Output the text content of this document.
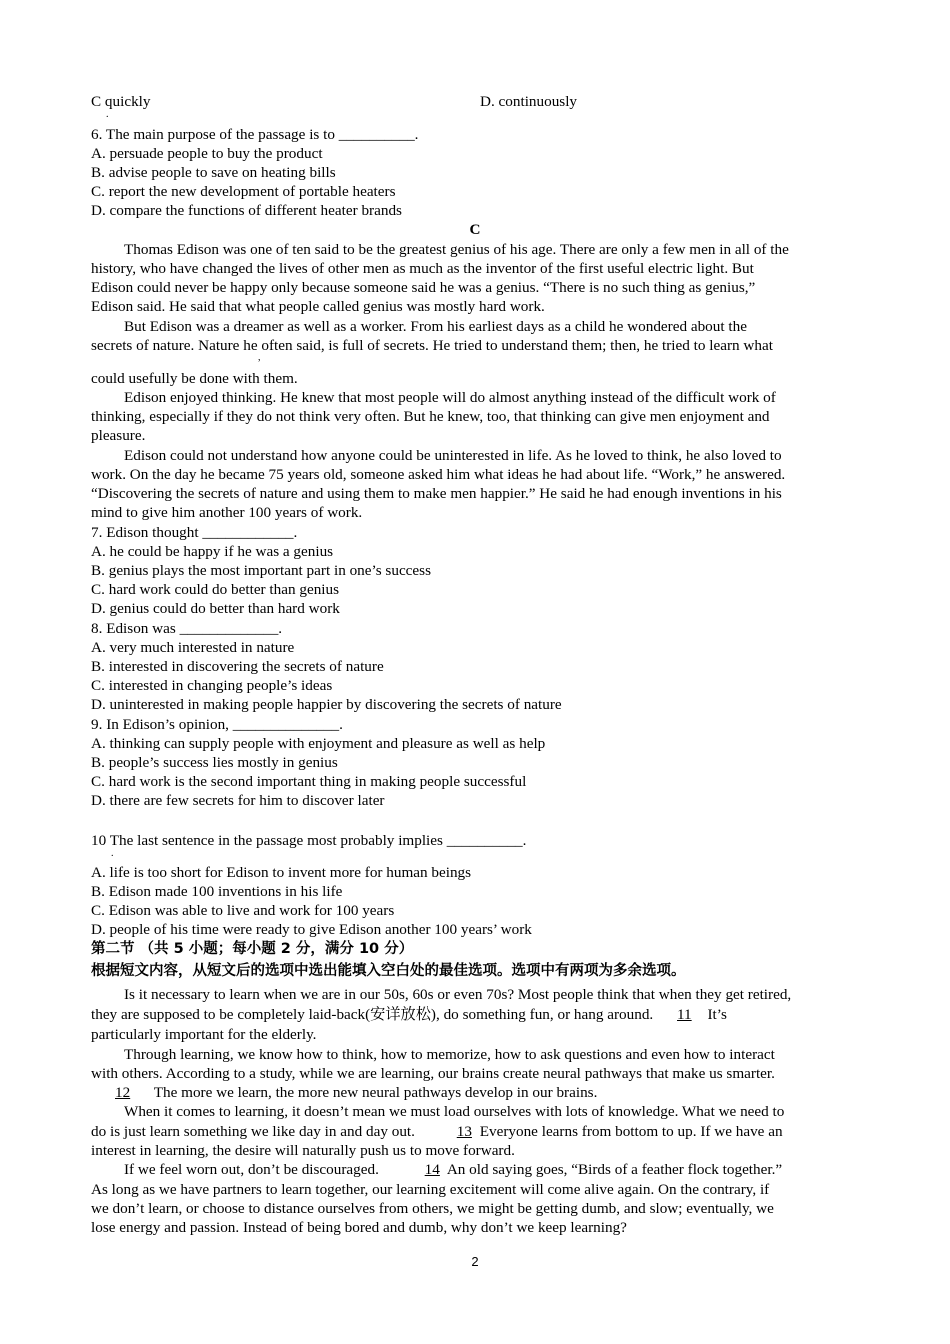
C quickly
.
D. continuously
6. The main purpose of the passage is to __________.
A. persuade people to buy the product
B. advise people to save on heating bills
C. report the new development of portable heaters
D. compare the functions of different heater brands
C
Thomas Edison was one of ten said to be the greatest genius of his age. There are only a few men in all of the
history, who have changed the lives of other men as much as the inventor of the first useful electric light. But
Edison could never be happy only because someone said he was a genius. “There is no such thing as genius,”
Edison said. He said that what people called genius was mostly hard work.
But Edison was a dreamer as well as a worker. From his earliest days as a child he wondered about the
secrets of nature. Nature he often said, is full of secrets. He tried to understand them; then, he tried to learn what
,
could usefully be done with them.
Edison enjoyed thinking. He knew that most people will do almost anything instead of the difficult work of
thinking, especially if they do not think very often. But he knew, too, that thinking can give men enjoyment and
pleasure.
Edison could not understand how anyone could be uninterested in life. As he loved to think, he also loved to
work. On the day he became 75 years old, someone asked him what ideas he had about life. “Work,” he answered.
“Discovering the secrets of nature and using them to make men happier.” He said he had enough inventions in his
mind to give him another 100 years of work.
7. Edison thought ____________.
A. he could be happy if he was a genius
B. genius plays the most important part in one’s success
C. hard work could do better than genius
D. genius could do better than hard work
8. Edison was _____________.
A. very much interested in nature
B. interested in discovering the secrets of nature
C. interested in changing people’s ideas
D. uninterested in making people happier by discovering the secrets of nature
9. In Edison’s opinion, ______________.
A. thinking can supply people with enjoyment and pleasure as well as help
B. people’s success lies mostly in genius
C. hard work is the second important thing in making people successful
D. there are few secrets for him to discover later
10 The last sentence in the passage most probably implies __________.
.
A. life is too short for Edison to invent more for human beings
B. Edison made 100 inventions in his life
C. Edison was able to live and work for 100 years
D. people of his time were ready to give Edison another 100 years’ work
第二节 （共 5 小题；每小题 2 分，满分 10 分）
根据短文内容，从短文后的选项中选出能填入空白处的最佳选项。选项中有两项为多余选项。
Is it necessary to learn when we are in our 50s, 60s or even 70s? Most people think that when they get retired,
they are supposed to be completely laid-back(安详放松), do something fun, or hang around. 11 It’s
particularly important for the elderly.
Through learning, we know how to think, how to memorize, how to ask questions and even how to interact
with others. According to a study, while we are learning, our brains create neural pathways that make us smarter.
12 The more we learn, the more new neural pathways develop in our brains.
When it comes to learning, it doesn’t mean we must load ourselves with lots of knowledge. What we need to
do is just learn something we like day in and day out.	13 Everyone learns from bottom to up. If we have an
interest in learning, the desire will naturally push us to move forward.
If we feel worn out, don’t be discouraged.	14 An old saying goes, “Birds of a feather flock together.”
As long as we have partners to learn together, our learning excitement will come alive again. On the contrary, if
we don’t learn, or choose to distance ourselves from others, we might be getting dumb, and slow; eventually, we
lose energy and passion. Instead of being bored and dumb, why don’t we keep learning?
2
